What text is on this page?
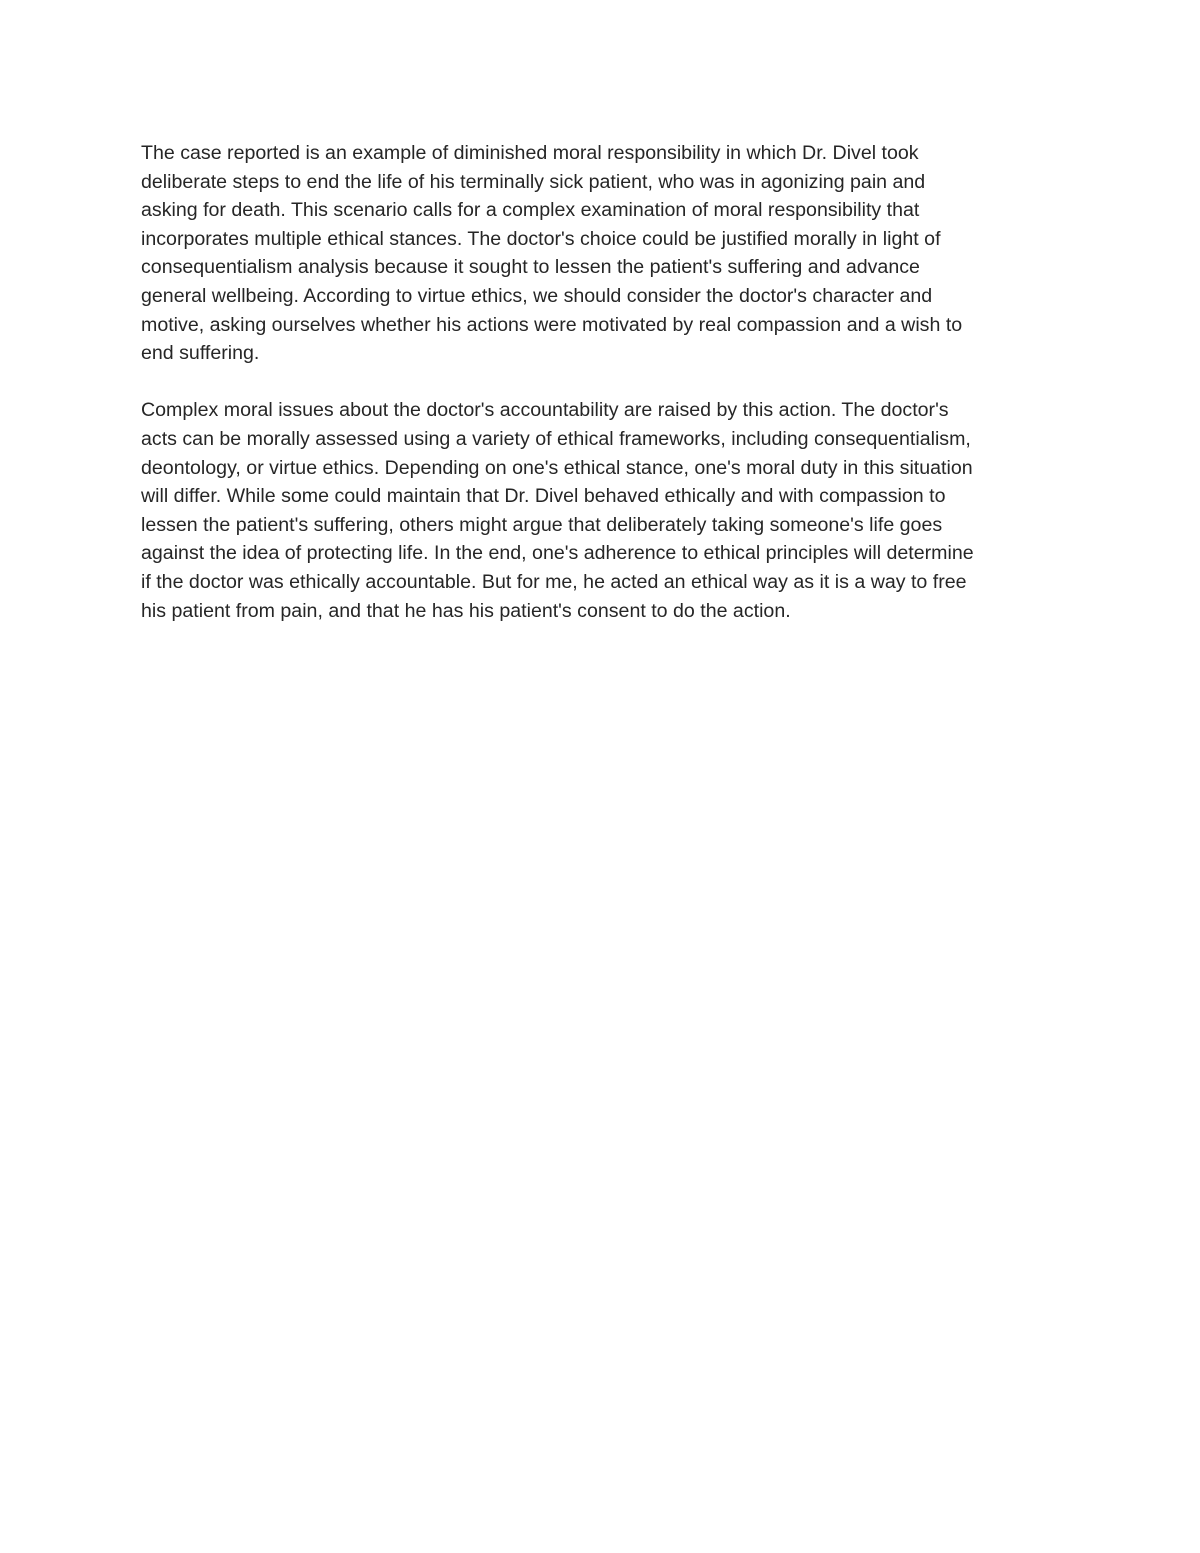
The case reported is an example of diminished moral responsibility in which Dr. Divel took
deliberate steps to end the life of his terminally sick patient, who was in agonizing pain and
asking for death. This scenario calls for a complex examination of moral responsibility that
incorporates multiple ethical stances. The doctor's choice could be justified morally in light of
consequentialism analysis because it sought to lessen the patient's suffering and advance
general wellbeing. According to virtue ethics, we should consider the doctor's character and
motive, asking ourselves whether his actions were motivated by real compassion and a wish to
end suffering.

Complex moral issues about the doctor's accountability are raised by this action. The doctor's
acts can be morally assessed using a variety of ethical frameworks, including consequentialism,
deontology, or virtue ethics. Depending on one's ethical stance, one's moral duty in this situation
will differ. While some could maintain that Dr. Divel behaved ethically and with compassion to
lessen the patient's suffering, others might argue that deliberately taking someone's life goes
against the idea of protecting life. In the end, one's adherence to ethical principles will determine
if the doctor was ethically accountable. But for me, he acted an ethical way as it is a way to free
his patient from pain, and that he has his patient's consent to do the action.
